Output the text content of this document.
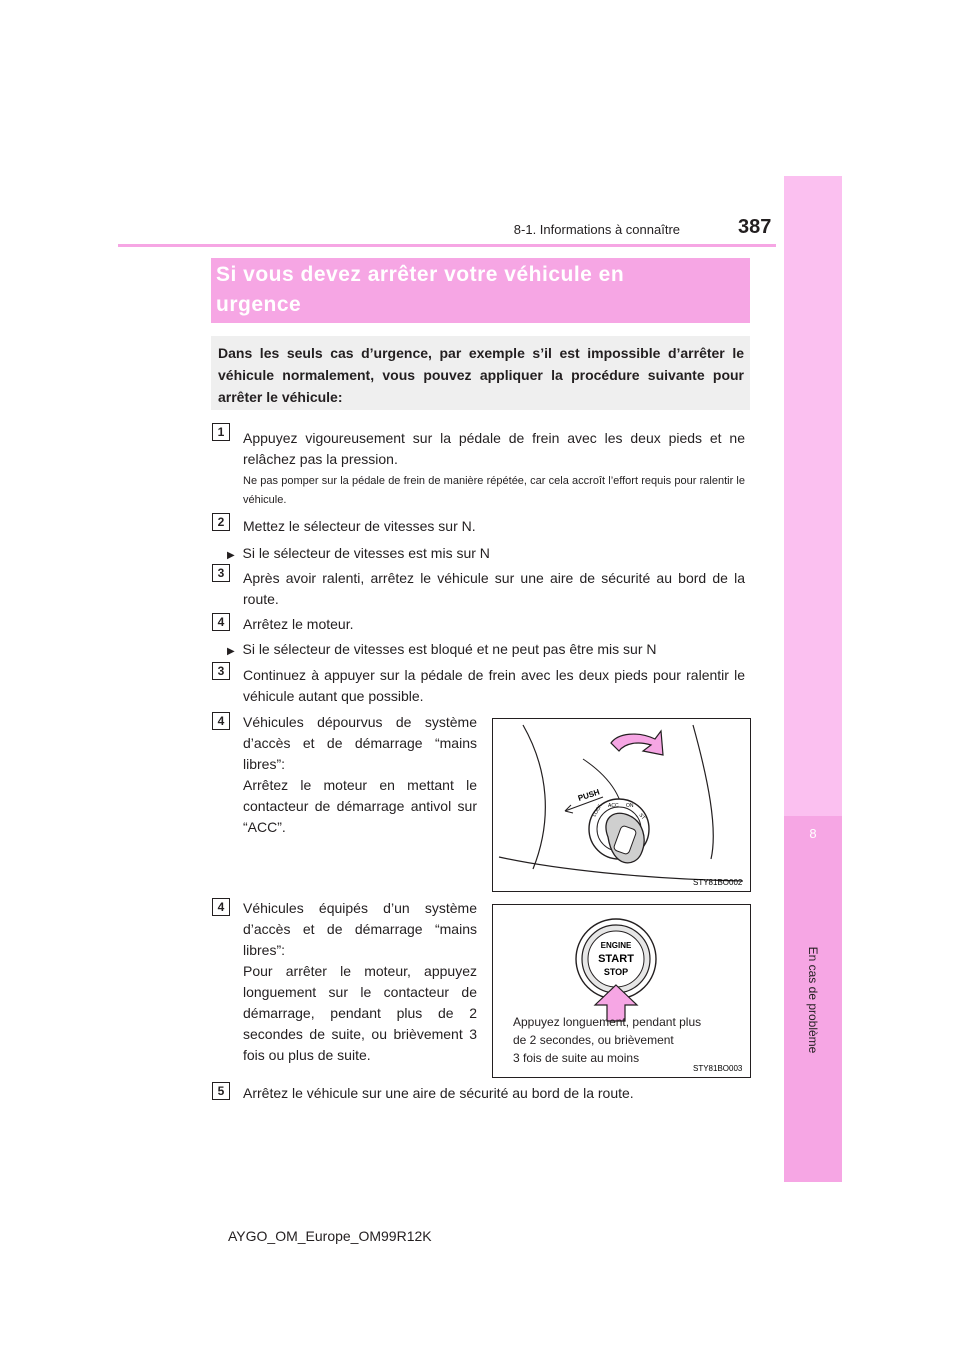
387
8-1. Informations à connaître
8
En cas de problème
Si vous devez arrêter votre véhicule en
urgence
Dans les seuls cas d’urgence, par exemple s’il est impossible d’arrêter le véhicule normalement, vous pouvez appliquer la procédure suivante pour arrêter le véhicule:
1	Appuyez vigoureusement sur la pédale de frein avec les deux pieds et ne relâchez pas la pression.
Ne pas pomper sur la pédale de frein de manière répétée, car cela accroît l’effort requis pour ralentir le véhicule.
2	Mettez le sélecteur de vitesses sur N.
▶ Si le sélecteur de vitesses est mis sur N
3	Après avoir ralenti, arrêtez le véhicule sur une aire de sécurité au bord de la route.
4	Arrêtez le moteur.
▶ Si le sélecteur de vitesses est bloqué et ne peut pas être mis sur N
3	Continuez à appuyer sur la pédale de frein avec les deux pieds pour ralentir le véhicule autant que possible.
4	Véhicules dépourvus de système d’accès et de démarrage “mains libres”:
Arrêtez le moteur en mettant le contacteur de démarrage antivol sur “ACC”.
PUSH
LOCK ACC ON
ST
STY81BO002
4	Véhicules équipés d’un système d’accès et de démarrage “mains libres”:
Pour arrêter le moteur, appuyez longuement sur le contacteur de démarrage, pendant plus de 2 secondes de suite, ou brièvement 3 fois ou plus de suite.
ENGINE
START
STOP
STY81BO003
Appuyez longuement, pendant plus
de 2 secondes, ou brièvement
3 fois de suite au moins
5	Arrêtez le véhicule sur une aire de sécurité au bord de la route.
AYGO_OM_Europe_OM99R12K
